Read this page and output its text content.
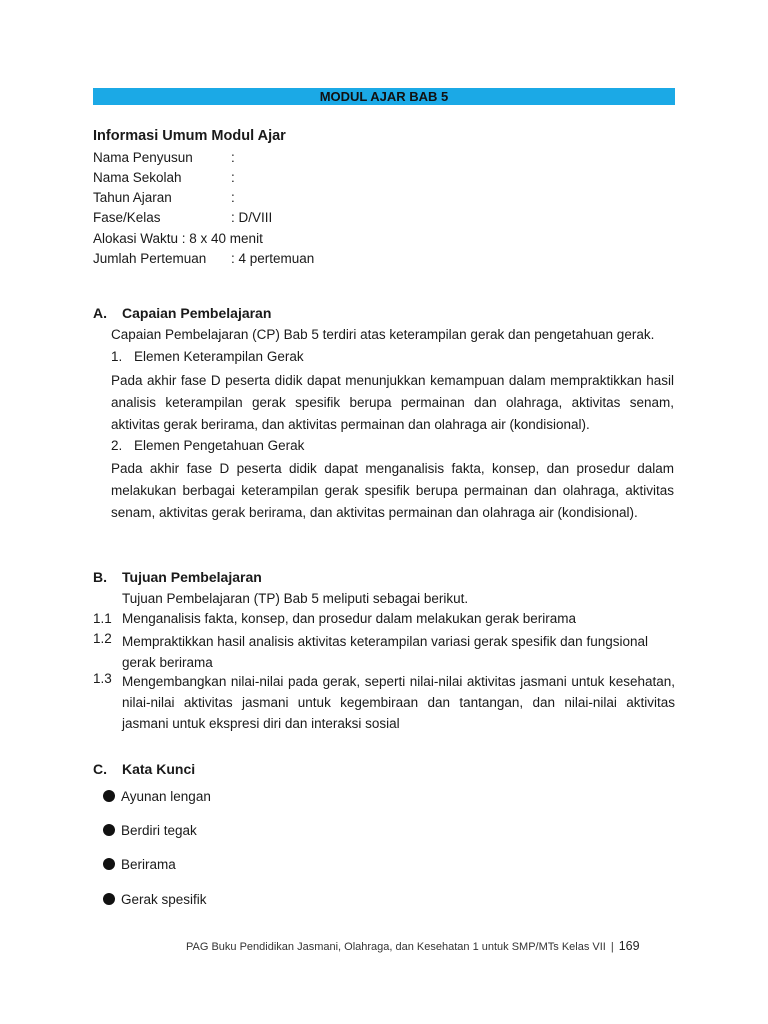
MODUL AJAR BAB 5
Informasi Umum Modul Ajar
Nama Penyusun	:
Nama Sekolah	:
Tahun Ajaran	:
Fase/Kelas	: D/VIII
Alokasi Waktu : 8 x 40 menit
Jumlah Pertemuan : 4 pertemuan
A. Capaian Pembelajaran
Capaian Pembelajaran (CP) Bab 5 terdiri atas keterampilan gerak dan pengetahuan gerak.
1. Elemen Keterampilan Gerak
Pada akhir fase D peserta didik dapat menunjukkan kemampuan dalam mempraktikkan hasil analisis keterampilan gerak spesifik berupa permainan dan olahraga, aktivitas senam, aktivitas gerak berirama, dan aktivitas permainan dan olahraga air (kondisional).
2. Elemen Pengetahuan Gerak
Pada akhir fase D peserta didik dapat menganalisis fakta, konsep, dan prosedur dalam melakukan berbagai keterampilan gerak spesifik berupa permainan dan olahraga, aktivitas senam, aktivitas gerak berirama, dan aktivitas permainan dan olahraga air (kondisional).
B. Tujuan Pembelajaran
Tujuan Pembelajaran (TP) Bab 5 meliputi sebagai berikut.
1.1 Menganalisis fakta, konsep, dan prosedur dalam melakukan gerak berirama
1.2 Mempraktikkan hasil analisis aktivitas keterampilan variasi gerak spesifik dan fungsional gerak berirama
1.3 Mengembangkan nilai-nilai pada gerak, seperti nilai-nilai aktivitas jasmani untuk kesehatan, nilai-nilai aktivitas jasmani untuk kegembiraan dan tantangan, dan nilai-nilai aktivitas jasmani untuk ekspresi diri dan interaksi sosial
C. Kata Kunci
Ayunan lengan
Berdiri tegak
Berirama
Gerak spesifik
PAG Buku Pendidikan Jasmani, Olahraga, dan Kesehatan 1 untuk SMP/MTs Kelas VII | 169
